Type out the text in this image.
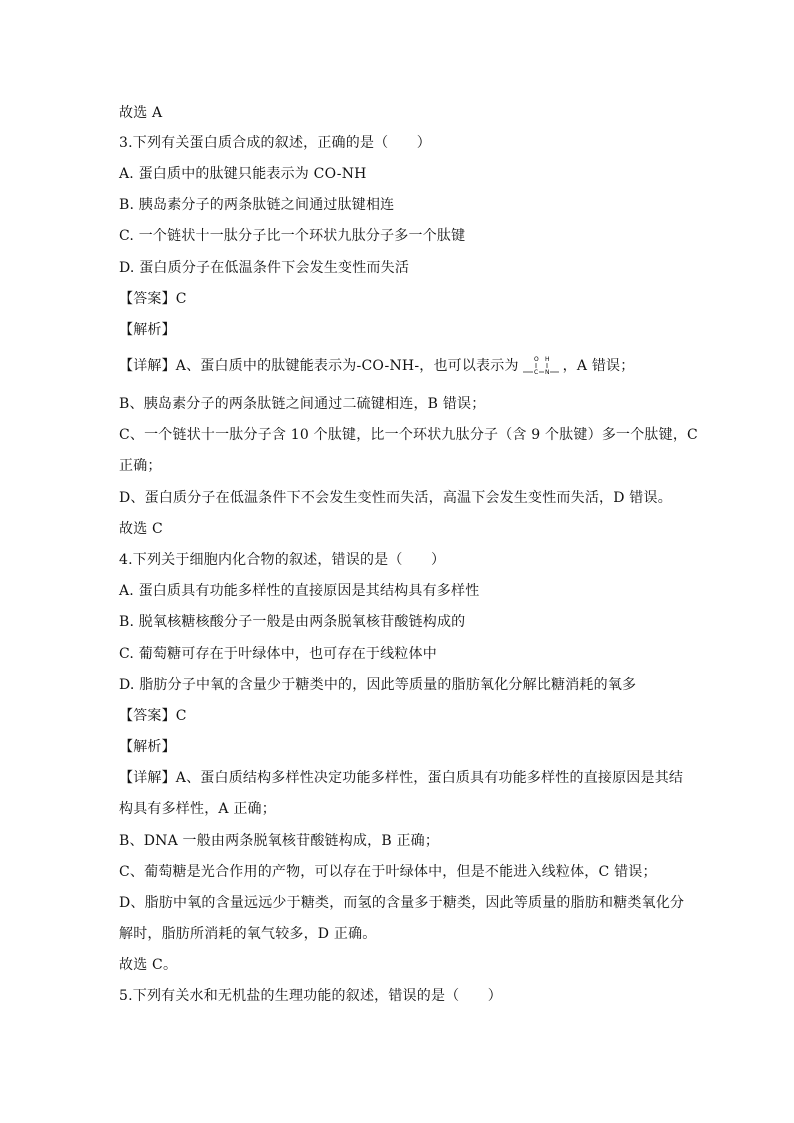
故选 A
3.下列有关蛋白质合成的叙述，正确的是（　　）
A. 蛋白质中的肽键只能表示为 CO-NH
B. 胰岛素分子的两条肽链之间通过肽键相连
C. 一个链状十一肽分子比一个环状九肽分子多一个肽键
D. 蛋白质分子在低温条件下会发生变性而失活
【答案】C
【解析】
【详解】A、蛋白质中的肽键能表示为-CO-NH-，也可以表示为	O H
C N ，A 错误；
B、胰岛素分子的两条肽链之间通过二硫键相连，B 错误；
C、一个链状十一肽分子含 10 个肽键，比一个环状九肽分子（含 9 个肽键）多一个肽键，C
正确；
D、蛋白质分子在低温条件下不会发生变性而失活，高温下会发生变性而失活，D 错误。
故选 C
4.下列关于细胞内化合物的叙述，错误的是（　　）
A. 蛋白质具有功能多样性的直接原因是其结构具有多样性
B. 脱氧核糖核酸分子一般是由两条脱氧核苷酸链构成的
C. 葡萄糖可存在于叶绿体中，也可存在于线粒体中
D. 脂肪分子中氧的含量少于糖类中的，因此等质量的脂肪氧化分解比糖消耗的氧多
【答案】C
【解析】
【详解】A、蛋白质结构多样性决定功能多样性，蛋白质具有功能多样性的直接原因是其结
构具有多样性，A 正确；
B、DNA 一般由两条脱氧核苷酸链构成，B 正确；
C、葡萄糖是光合作用的产物，可以存在于叶绿体中，但是不能进入线粒体，C 错误；
D、脂肪中氧的含量远远少于糖类，而氢的含量多于糖类，因此等质量的脂肪和糖类氧化分
解时，脂肪所消耗的氧气较多，D 正确。
故选 C。
5.下列有关水和无机盐的生理功能的叙述，错误的是（　　）
